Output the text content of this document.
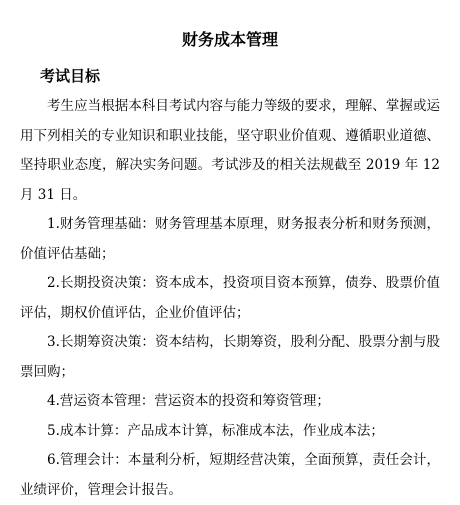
财务成本管理
考试目标

考生应当根据本科目考试内容与能力等级的要求，理解、掌握或运用下列相关的专业知识和职业技能，坚守职业价值观、遵循职业道德、坚持职业态度，解决实务问题。考试涉及的相关法规截至 2019 年 12 月 31 日。

1.财务管理基础：财务管理基本原理，财务报表分析和财务预测，价值评估基础；

2.长期投资决策：资本成本，投资项目资本预算，债券、股票价值评估，期权价值评估，企业价值评估；

3.长期筹资决策：资本结构，长期筹资，股利分配、股票分割与股票回购；

4.营运资本管理：营运资本的投资和筹资管理；

5.成本计算：产品成本计算，标准成本法，作业成本法；

6.管理会计：本量利分析，短期经营决策，全面预算，责任会计，业绩评价，管理会计报告。
